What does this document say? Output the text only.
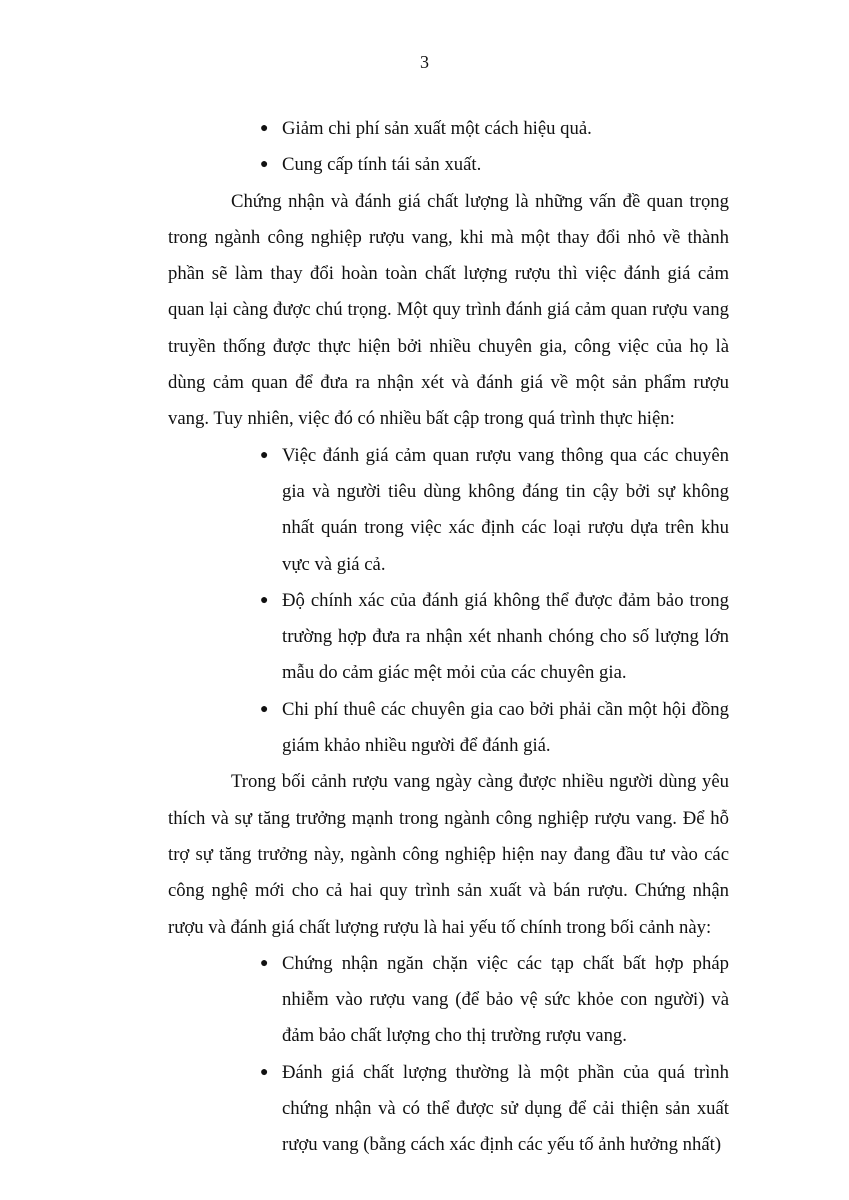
3
● Giảm chi phí sản xuất một cách hiệu quả.
● Cung cấp tính tái sản xuất.

Chứng nhận và đánh giá chất lượng là những vấn đề quan trọng trong ngành công nghiệp rượu vang, khi mà một thay đổi nhỏ về thành phần sẽ làm thay đổi hoàn toàn chất lượng rượu thì việc đánh giá cảm quan lại càng được chú trọng. Một quy trình đánh giá cảm quan rượu vang truyền thống được thực hiện bởi nhiều chuyên gia, công việc của họ là dùng cảm quan để đưa ra nhận xét và đánh giá về một sản phẩm rượu vang. Tuy nhiên, việc đó có nhiều bất cập trong quá trình thực hiện:

● Việc đánh giá cảm quan rượu vang thông qua các chuyên gia và người tiêu dùng không đáng tin cậy bởi sự không nhất quán trong việc xác định các loại rượu dựa trên khu vực và giá cả.
● Độ chính xác của đánh giá không thể được đảm bảo trong trường hợp đưa ra nhận xét nhanh chóng cho số lượng lớn mẫu do cảm giác mệt mỏi của các chuyên gia.
● Chi phí thuê các chuyên gia cao bởi phải cần một hội đồng giám khảo nhiều người để đánh giá.

Trong bối cảnh rượu vang ngày càng được nhiều người dùng yêu thích và sự tăng trưởng mạnh trong ngành công nghiệp rượu vang. Để hỗ trợ sự tăng trưởng này, ngành công nghiệp hiện nay đang đầu tư vào các công nghệ mới cho cả hai quy trình sản xuất và bán rượu. Chứng nhận rượu và đánh giá chất lượng rượu là hai yếu tố chính trong bối cảnh này:

● Chứng nhận ngăn chặn việc các tạp chất bất hợp pháp nhiễm vào rượu vang (để bảo vệ sức khỏe con người) và đảm bảo chất lượng cho thị trường rượu vang.
● Đánh giá chất lượng thường là một phần của quá trình chứng nhận và có thể được sử dụng để cải thiện sản xuất rượu vang (bằng cách xác định các yếu tố ảnh hưởng nhất)
